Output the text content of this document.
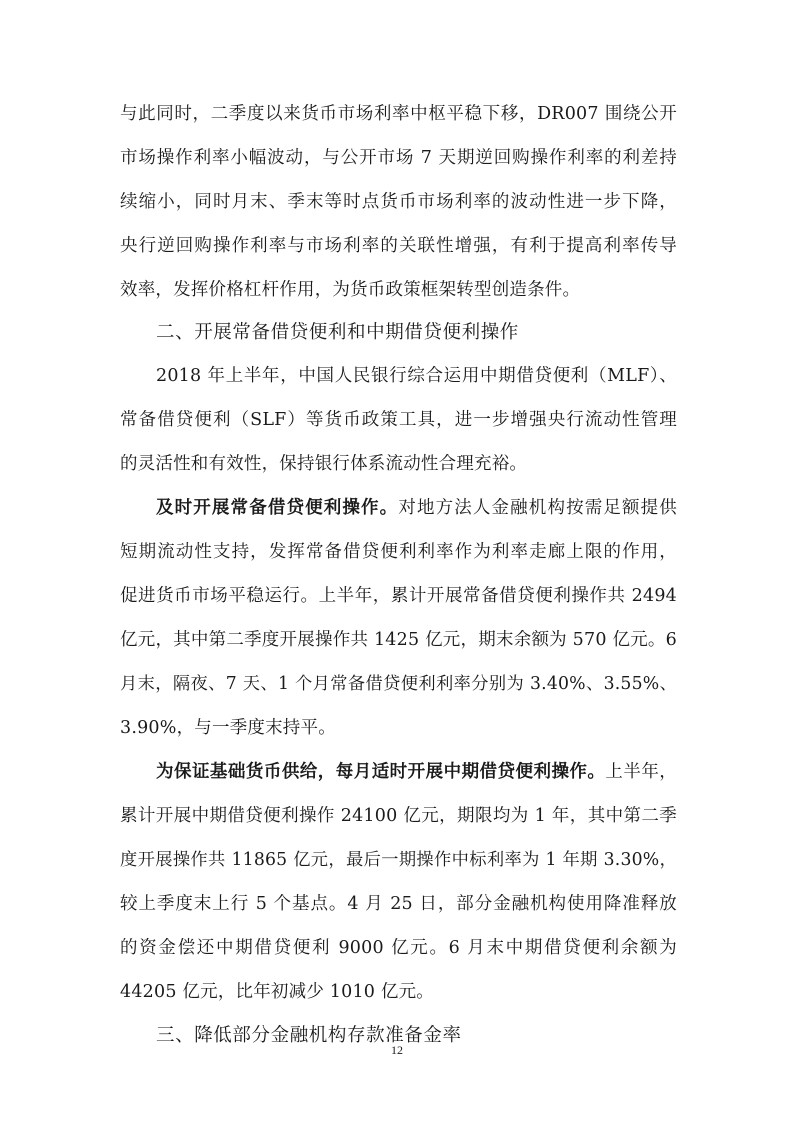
与此同时，二季度以来货币市场利率中枢平稳下移，DR007 围绕公开
市场操作利率小幅波动，与公开市场 7 天期逆回购操作利率的利差持
续缩小，同时月末、季末等时点货币市场利率的波动性进一步下降，
央行逆回购操作利率与市场利率的关联性增强，有利于提高利率传导
效率，发挥价格杠杆作用，为货币政策框架转型创造条件。
二、开展常备借贷便利和中期借贷便利操作
2018 年上半年，中国人民银行综合运用中期借贷便利（MLF）、
常备借贷便利（SLF）等货币政策工具，进一步增强央行流动性管理
的灵活性和有效性，保持银行体系流动性合理充裕。
及时开展常备借贷便利操作。对地方法人金融机构按需足额提供
短期流动性支持，发挥常备借贷便利利率作为利率走廊上限的作用，
促进货币市场平稳运行。上半年，累计开展常备借贷便利操作共 2494
亿元，其中第二季度开展操作共 1425 亿元，期末余额为 570 亿元。6
月末，隔夜、7 天、1 个月常备借贷便利利率分别为 3.40%、3.55%、
3.90%，与一季度末持平。
为保证基础货币供给，每月适时开展中期借贷便利操作。上半年，
累计开展中期借贷便利操作 24100 亿元，期限均为 1 年，其中第二季
度开展操作共 11865 亿元，最后一期操作中标利率为 1 年期 3.30%，
较上季度末上行 5 个基点。4 月 25 日，部分金融机构使用降准释放
的资金偿还中期借贷便利 9000 亿元。6 月末中期借贷便利余额为
44205 亿元，比年初减少 1010 亿元。
三、降低部分金融机构存款准备金率
12
